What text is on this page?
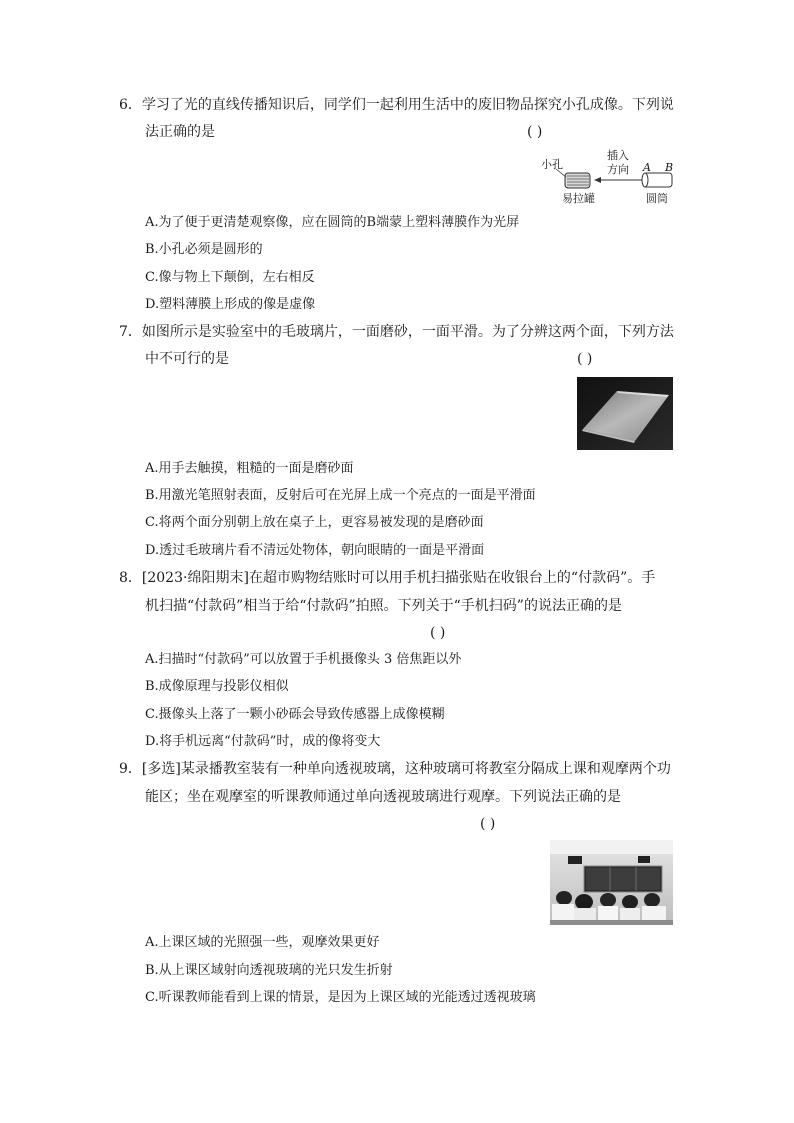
6．学习了光的直线传播知识后，同学们一起利用生活中的废旧物品探究小孔成像。下列说
法正确的是	( )
小孔
插入
方向 A B
易拉罐	圆筒
A.为了便于更清楚观察像，应在圆筒的B端蒙上塑料薄膜作为光屏
B.小孔必须是圆形的
C.像与物上下颠倒，左右相反
D.塑料薄膜上形成的像是虚像
7．如图所示是实验室中的毛玻璃片，一面磨砂，一面平滑。为了分辨这两个面，下列方法
中不可行的是	( )
A.用手去触摸，粗糙的一面是磨砂面
B.用激光笔照射表面，反射后可在光屏上成一个亮点的一面是平滑面
C.将两个面分别朝上放在桌子上，更容易被发现的是磨砂面
D.透过毛玻璃片看不清远处物体，朝向眼睛的一面是平滑面
8．[2023·绵阳期末]在超市购物结账时可以用手机扫描张贴在收银台上的“付款码”。手
机扫描“付款码”相当于给“付款码”拍照。下列关于“手机扫码”的说法正确的是
( )
A.扫描时“付款码”可以放置于手机摄像头 3 倍焦距以外
B.成像原理与投影仪相似
C.摄像头上落了一颗小砂砾会导致传感器上成像模糊
D.将手机远离“付款码”时，成的像将变大
9．[多选]某录播教室装有一种单向透视玻璃，这种玻璃可将教室分隔成上课和观摩两个功
能区；坐在观摩室的听课教师通过单向透视玻璃进行观摩。下列说法正确的是
( )
A.上课区域的光照强一些，观摩效果更好
B.从上课区域射向透视玻璃的光只发生折射
C.听课教师能看到上课的情景，是因为上课区域的光能透过透视玻璃
